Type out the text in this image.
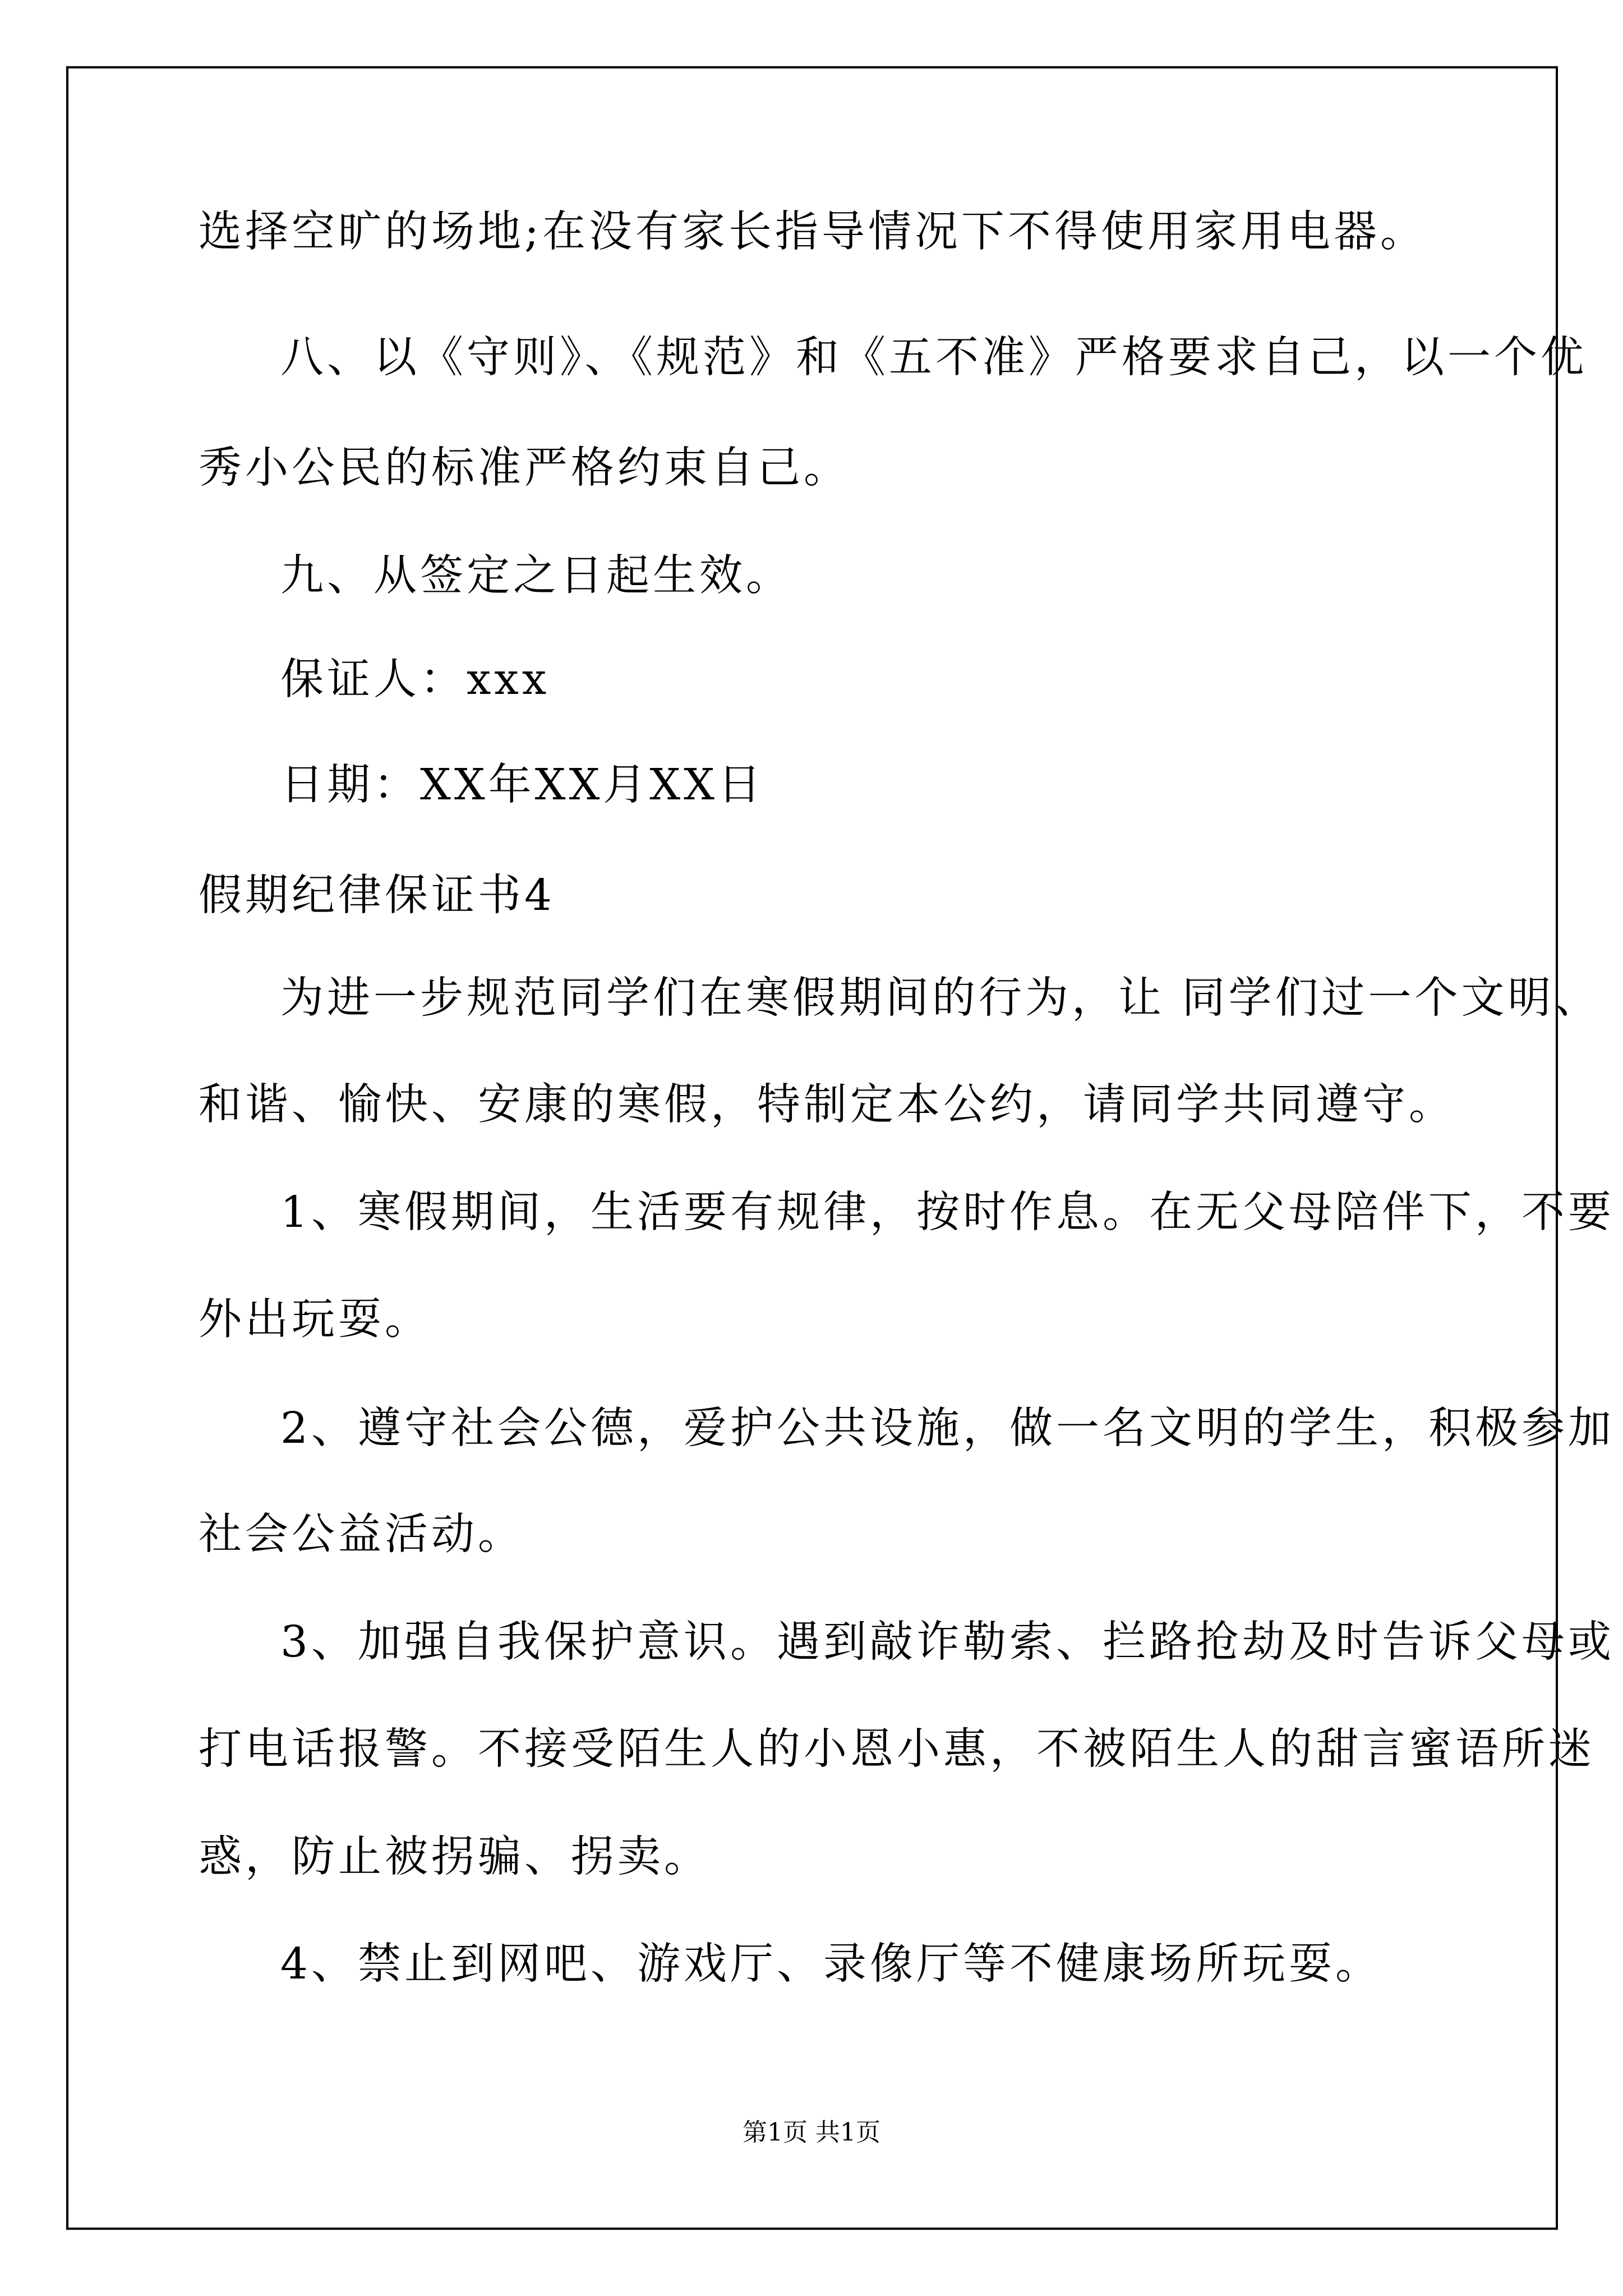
选择空旷的场地;在没有家长指导情况下不得使用家用电器。
八、以《守则》、《规范》和《五不准》严格要求自己，以一个优
秀小公民的标准严格约束自己。
九、从签定之日起生效。
保证人：xxx
日期：XX年XX月XX日
假期纪律保证书4
为进一步规范同学们在寒假期间的行为，让 同学们过一个文明、
和谐、愉快、安康的寒假，特制定本公约，请同学共同遵守。
1、寒假期间，生活要有规律，按时作息。在无父母陪伴下，不要
外出玩耍。
2、遵守社会公德，爱护公共设施，做一名文明的学生，积极参加
社会公益活动。
3、加强自我保护意识。遇到敲诈勒索、拦路抢劫及时告诉父母或
打电话报警。不接受陌生人的小恩小惠，不被陌生人的甜言蜜语所迷
惑，防止被拐骗、拐卖。
4、禁止到网吧、游戏厅、录像厅等不健康场所玩耍。
第1页 共1页
